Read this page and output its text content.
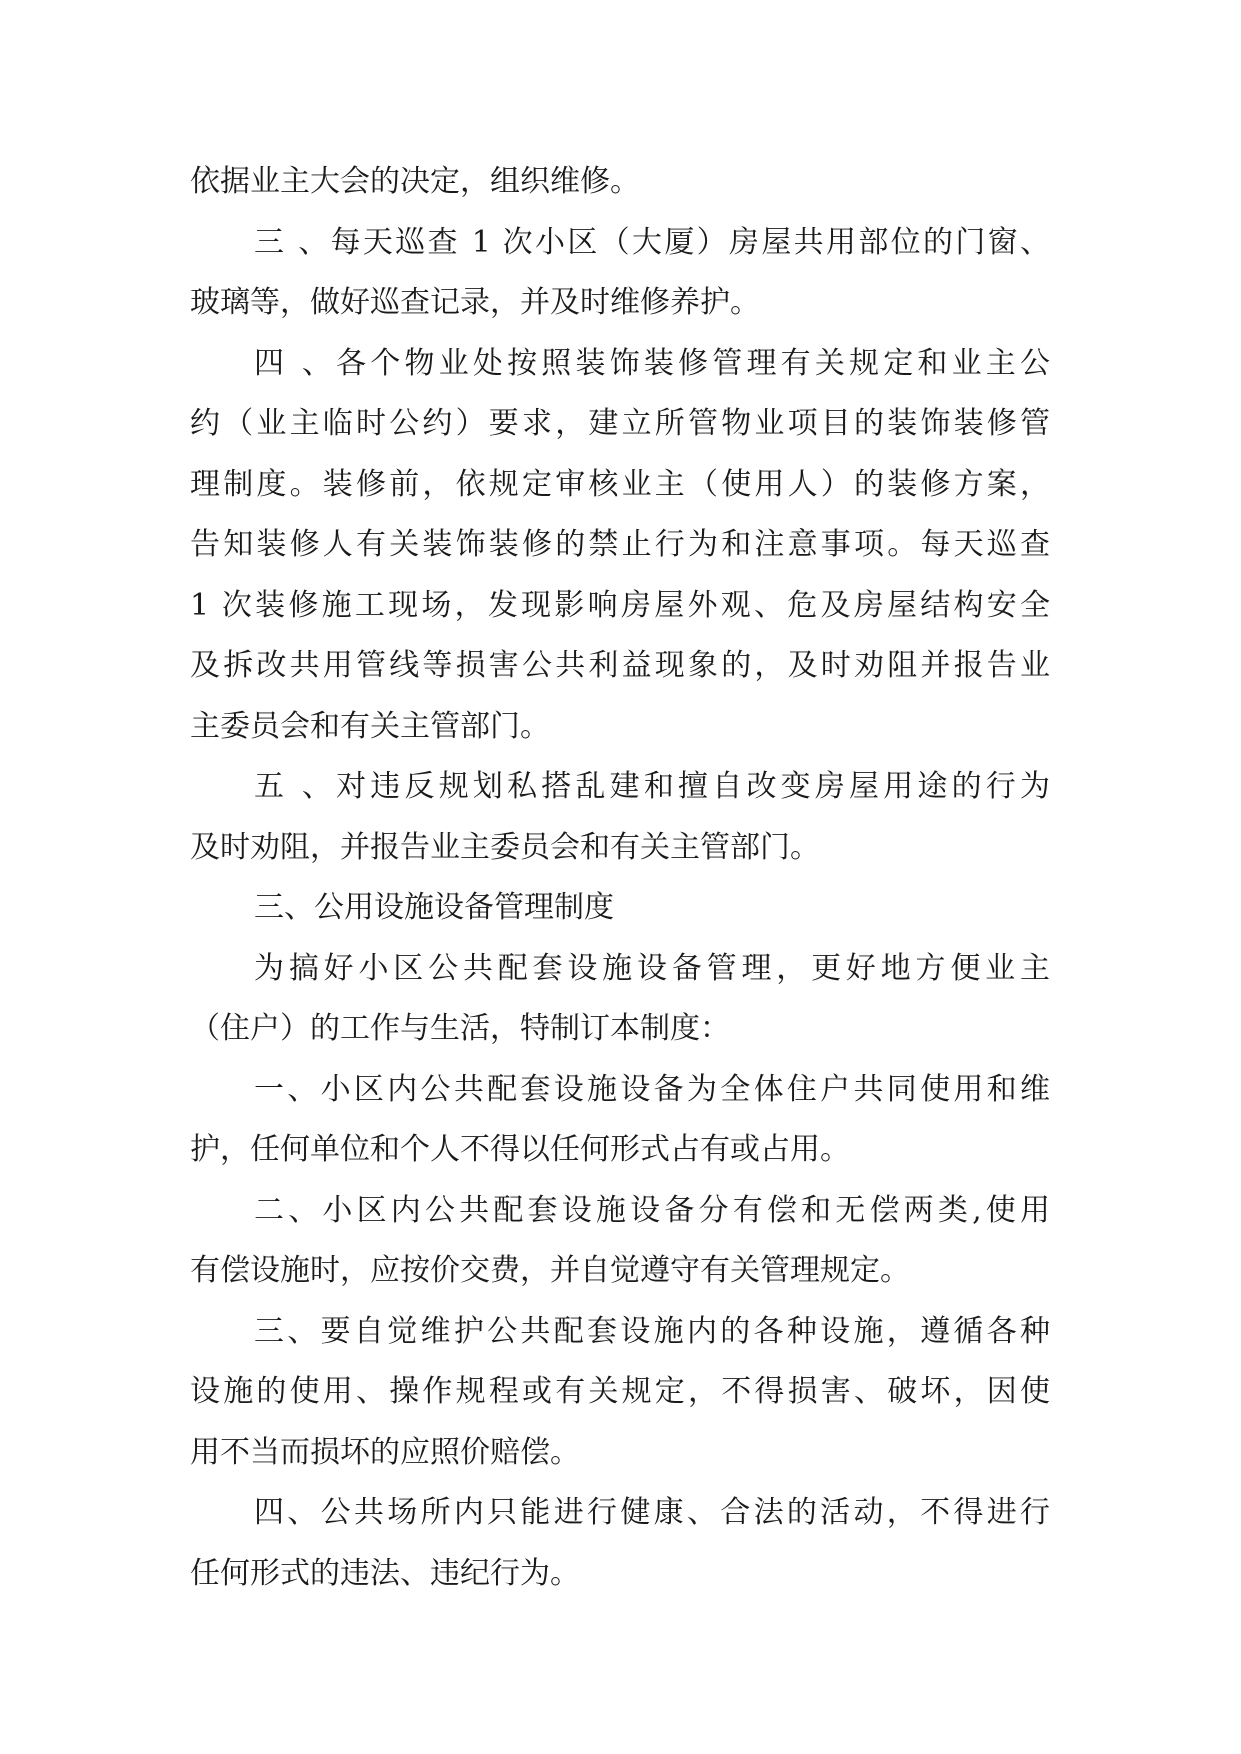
依据业主大会的决定，组织维修。
三 、每天巡查 1 次小区（大厦）房屋共用部位的门窗、
玻璃等，做好巡查记录，并及时维修养护。
四 、各个物业处按照装饰装修管理有关规定和业主公
约（业主临时公约）要求，建立所管物业项目的装饰装修管
理制度。装修前，依规定审核业主（使用人）的装修方案，
告知装修人有关装饰装修的禁止行为和注意事项。每天巡查
1 次装修施工现场，发现影响房屋外观、危及房屋结构安全
及拆改共用管线等损害公共利益现象的，及时劝阻并报告业
主委员会和有关主管部门。
五 、对违反规划私搭乱建和擅自改变房屋用途的行为
及时劝阻，并报告业主委员会和有关主管部门。
三、公用设施设备管理制度
为搞好小区公共配套设施设备管理，更好地方便业主
（住户）的工作与生活，特制订本制度：
一、小区内公共配套设施设备为全体住户共同使用和维
护，任何单位和个人不得以任何形式占有或占用。
二、小区内公共配套设施设备分有偿和无偿两类,使用
有偿设施时，应按价交费，并自觉遵守有关管理规定。
三、要自觉维护公共配套设施内的各种设施，遵循各种
设施的使用、操作规程或有关规定，不得损害、破坏，因使
用不当而损坏的应照价赔偿。
四、公共场所内只能进行健康、合法的活动，不得进行
任何形式的违法、违纪行为。
